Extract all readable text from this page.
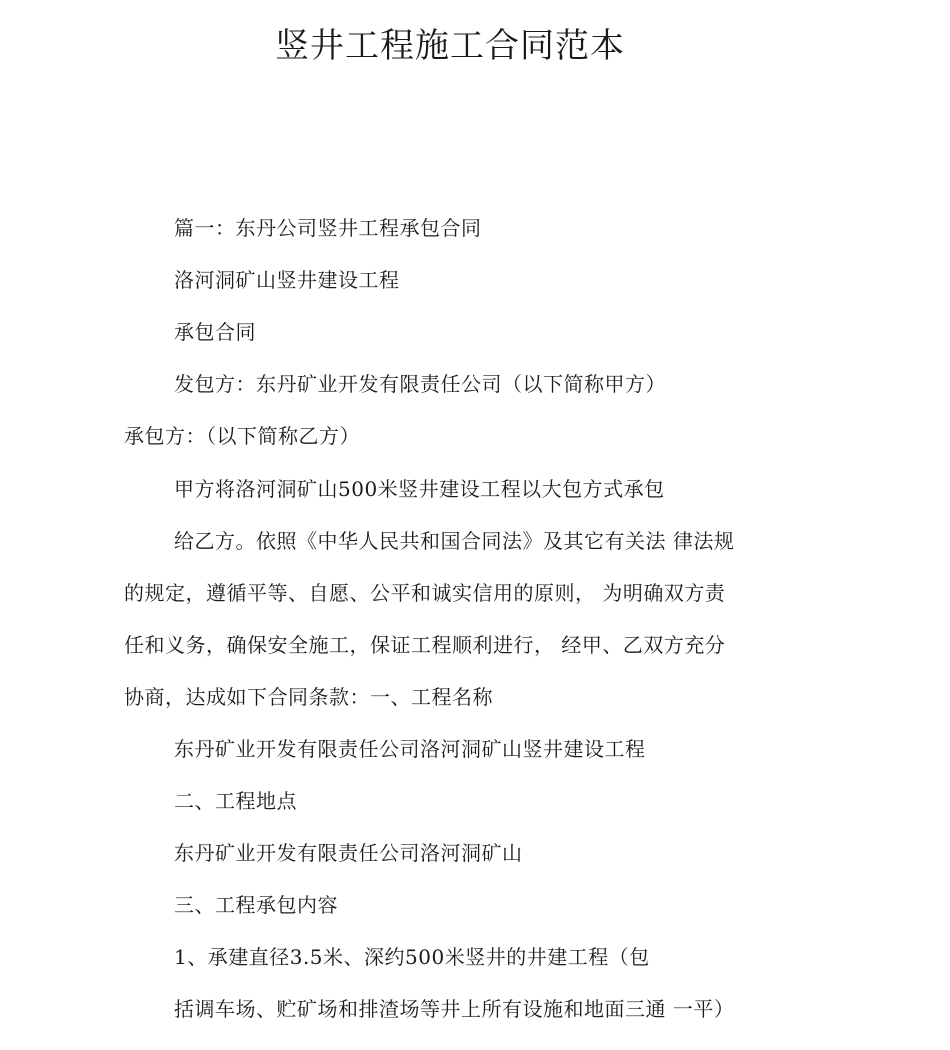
竖井工程施工合同范本
篇一：东丹公司竖井工程承包合同
洛河洞矿山竖井建设工程
承包合同
发包方：东丹矿业开发有限责任公司（以下简称甲方）
承包方：（以下简称乙方）
甲方将洛河洞矿山500米竖井建设工程以大包方式承包
给乙方。依照《中华人民共和国合同法》及其它有关法 律法规
的规定，遵循平等、自愿、公平和诚实信用的原则， 为明确双方责
任和义务，确保安全施工，保证工程顺利进行， 经甲、乙双方充分
协商，达成如下合同条款：一、工程名称
东丹矿业开发有限责任公司洛河洞矿山竖井建设工程
二、工程地点
东丹矿业开发有限责任公司洛河洞矿山
三、工程承包内容
1、承建直径3.5米、深约500米竖井的井建工程（包
括调车场、贮矿场和排渣场等井上所有设施和地面三通 一平）
